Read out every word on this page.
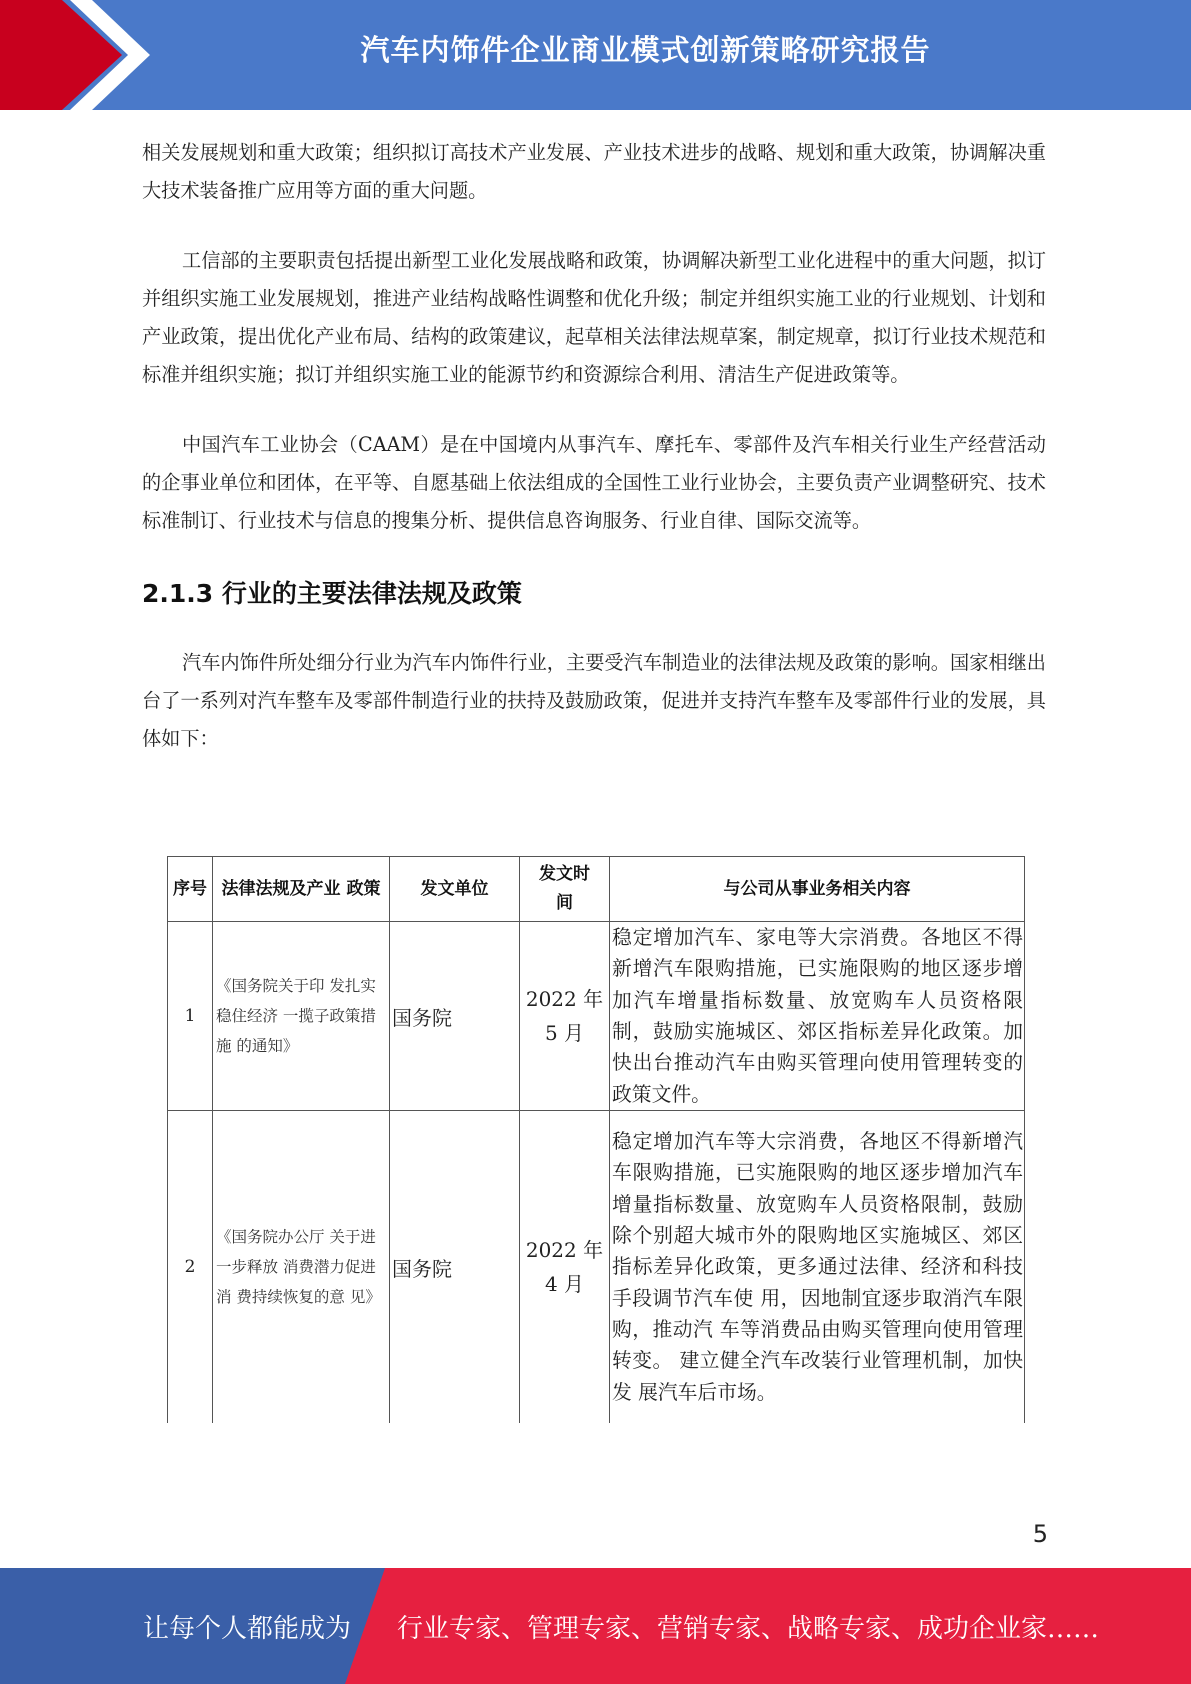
汽车内饰件企业商业模式创新策略研究报告

相关发展规划和重大政策；组织拟订高技术产业发展、产业技术进步的战略、规划和重大政策，协调解决重大技术装备推广应用等方面的重大问题。

工信部的主要职责包括提出新型工业化发展战略和政策，协调解决新型工业化进程中的重大问题，拟订并组织实施工业发展规划，推进产业结构战略性调整和优化升级；制定并组织实施工业的行业规划、计划和产业政策，提出优化产业布局、结构的政策建议，起草相关法律法规草案，制定规章，拟订行业技术规范和标准并组织实施；拟订并组织实施工业的能源节约和资源综合利用、清洁生产促进政策等。

中国汽车工业协会（CAAM）是在中国境内从事汽车、摩托车、零部件及汽车相关行业生产经营活动的企事业单位和团体，在平等、自愿基础上依法组成的全国性工业行业协会，主要负责产业调整研究、技术标准制订、行业技术与信息的搜集分析、提供信息咨询服务、行业自律、国际交流等。

2.1.3 行业的主要法律法规及政策

汽车内饰件所处细分行业为汽车内饰件行业，主要受汽车制造业的法律法规及政策的影响。国家相继出台了一系列对汽车整车及零部件制造行业的扶持及鼓励政策，促进并支持汽车整车及零部件行业的发展，具体如下：

序号	法律法规及产业 政策	发文单位	发文时间	与公司从事业务相关内容
1	《国务院关于印 发扎实稳住经济 一揽子政策措施 的通知》	国务院	2022 年 5 月	稳定增加汽车、家电等大宗消费。各地区不得新增汽车限购措施，已实施限购的地区逐步增加汽车增量指标数量、放宽购车人员资格限制，鼓励实施城区、郊区指标差异化政策。加快出台推动汽车由购买管理向使用管理转变的政策文件。
2	《国务院办公厅 关于进一步释放 消费潜力促进消 费持续恢复的意 见》	国务院	2022 年 4 月	稳定增加汽车等大宗消费，各地区不得新增汽车限购措施，已实施限购的地区逐步增加汽车增量指标数量、放宽购车人员资格限制，鼓励除个别超大城市外的限购地区实施城区、郊区指标差异化政策，更多通过法律、经济和科技手段调节汽车使 用，因地制宜逐步取消汽车限购，推动汽 车等消费品由购买管理向使用管理转变。 建立健全汽车改装行业管理机制，加快发 展汽车后市场。
5
让每个人都能成为 行业专家、管理专家、营销专家、战略专家、成功企业家……
